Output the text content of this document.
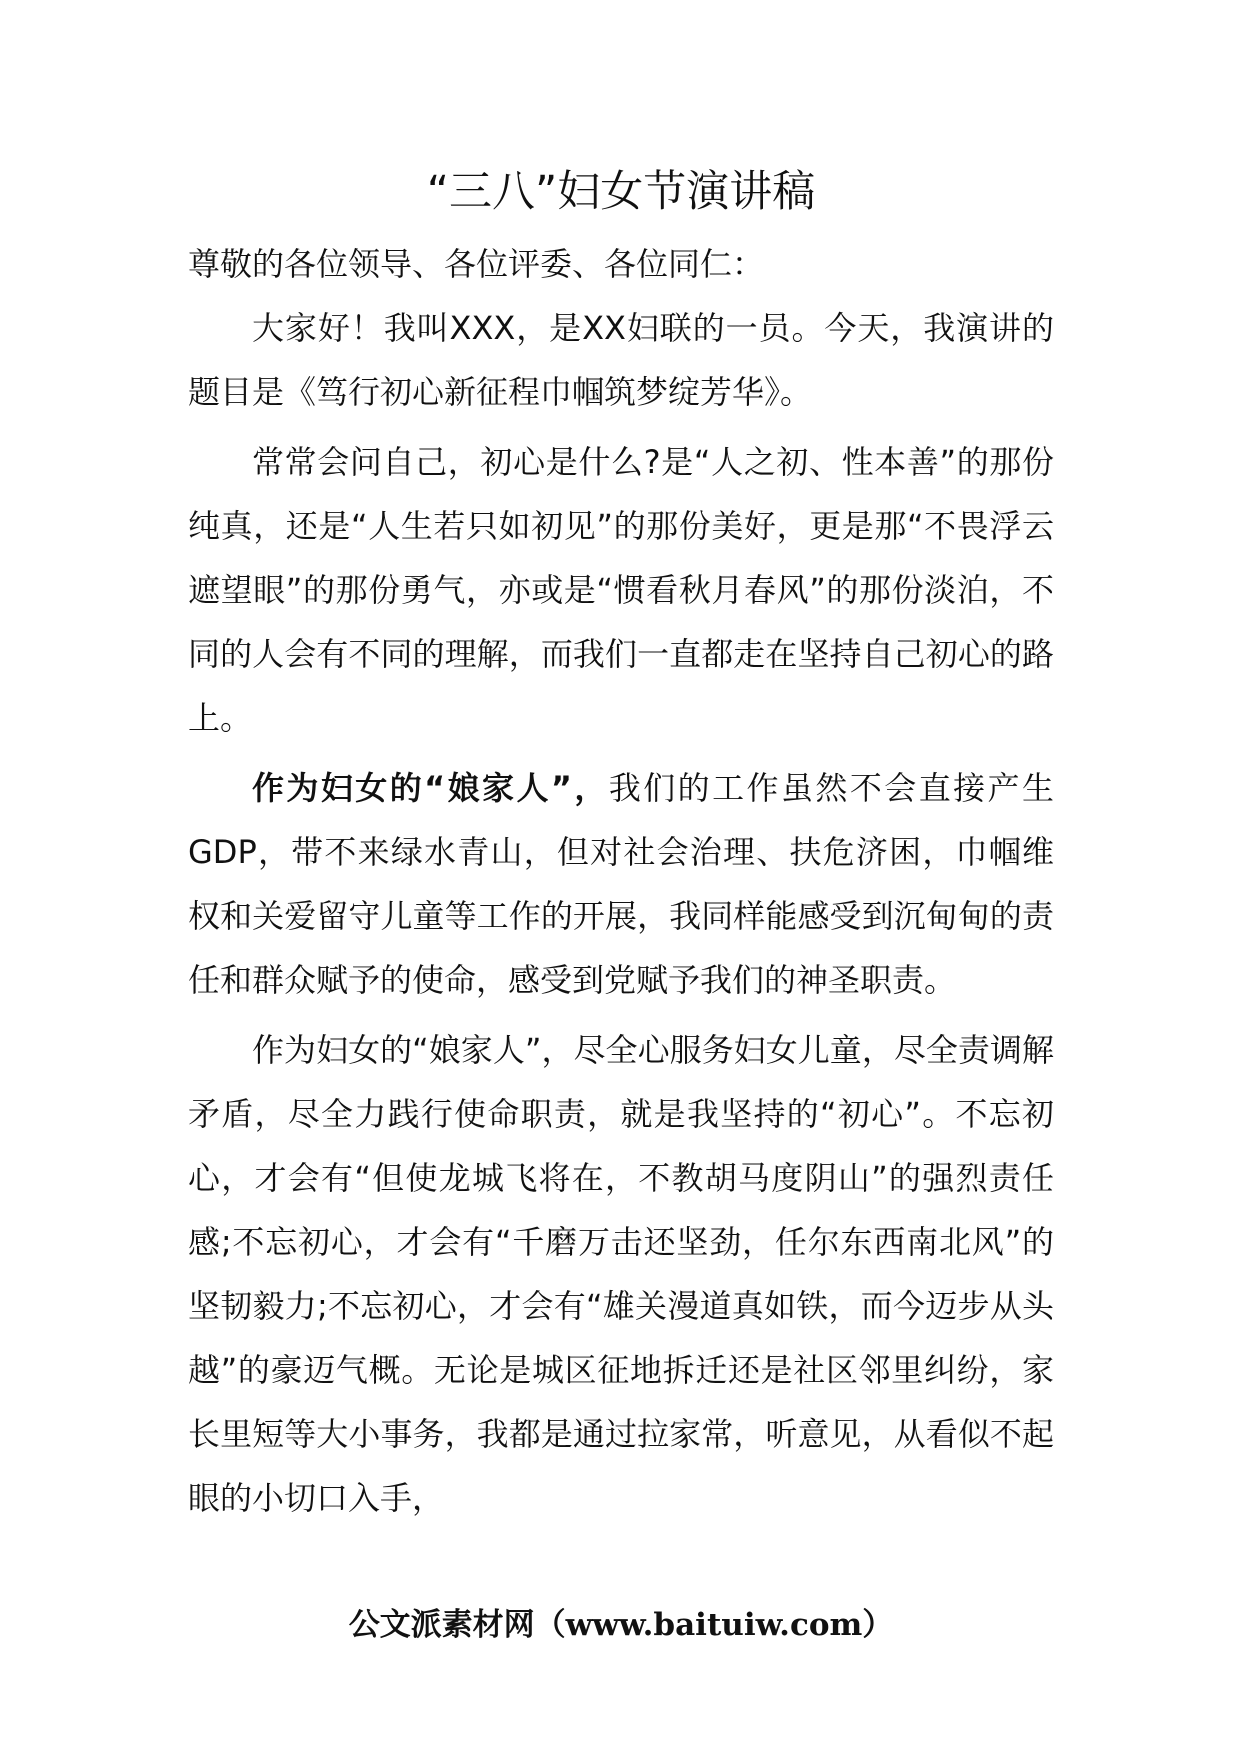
“三八”妇女节演讲稿

尊敬的各位领导、各位评委、各位同仁：

大家好！我叫XXX，是XX妇联的一员。今天，我演讲的题目是《笃行初心新征程巾帼筑梦绽芳华》。

常常会问自己，初心是什么?是“人之初、性本善”的那份纯真，还是“人生若只如初见”的那份美好，更是那“不畏浮云遮望眼”的那份勇气，亦或是“惯看秋月春风”的那份淡泊，不同的人会有不同的理解，而我们一直都走在坚持自己初心的路上。

作为妇女的“娘家人”，我们的工作虽然不会直接产生GDP，带不来绿水青山，但对社会治理、扶危济困，巾帼维权和关爱留守儿童等工作的开展，我同样能感受到沉甸甸的责任和群众赋予的使命，感受到党赋予我们的神圣职责。

作为妇女的“娘家人”，尽全心服务妇女儿童，尽全责调解矛盾，尽全力践行使命职责，就是我坚持的“初心”。不忘初心，才会有“但使龙城飞将在，不教胡马度阴山”的强烈责任感;不忘初心，才会有“千磨万击还坚劲，任尔东西南北风”的坚韧毅力;不忘初心，才会有“雄关漫道真如铁，而今迈步从头越”的豪迈气概。无论是城区征地拆迁还是社区邻里纠纷，家长里短等大小事务，我都是通过拉家常，听意见，从看似不起眼的小切口入手，

公文派素材网（www.baituiw.com）
